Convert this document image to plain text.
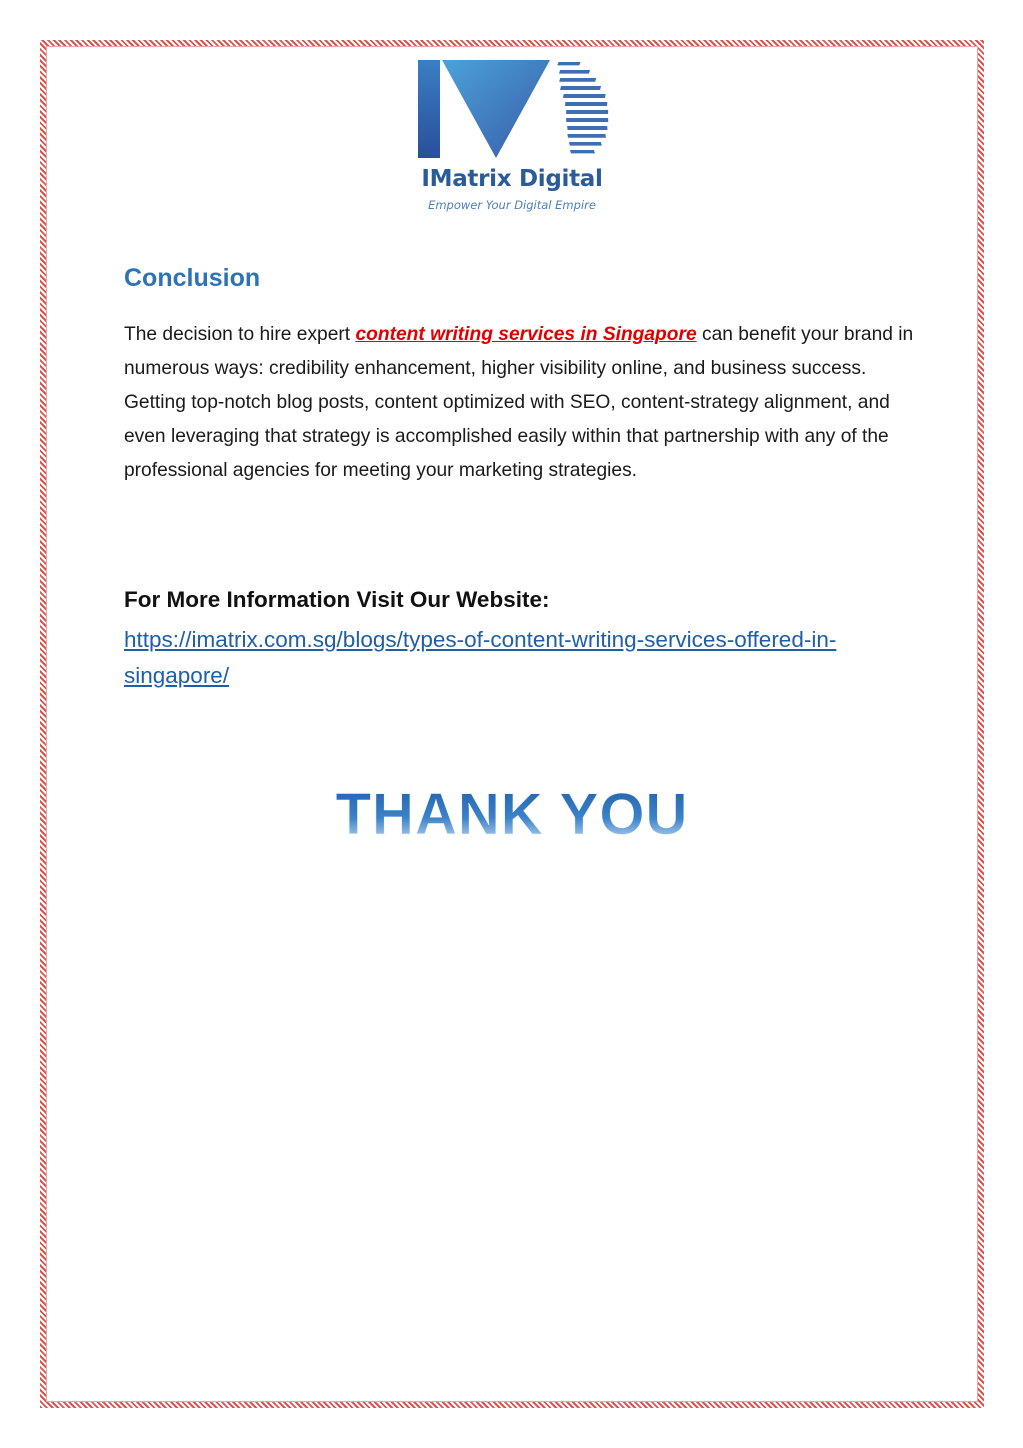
IMatrix Digital
Empower Your Digital Empire
Conclusion

The decision to hire expert content writing services in Singapore can benefit your brand in numerous ways: credibility enhancement, higher visibility online, and business success. Getting top-notch blog posts, content optimized with SEO, content-strategy alignment, and even leveraging that strategy is accomplished easily within that partnership with any of the professional agencies for meeting your marketing strategies.

For More Information Visit Our Website:
https://imatrix.com.sg/blogs/types-of-content-writing-services-offered-in-singapore/
THANK YOU
